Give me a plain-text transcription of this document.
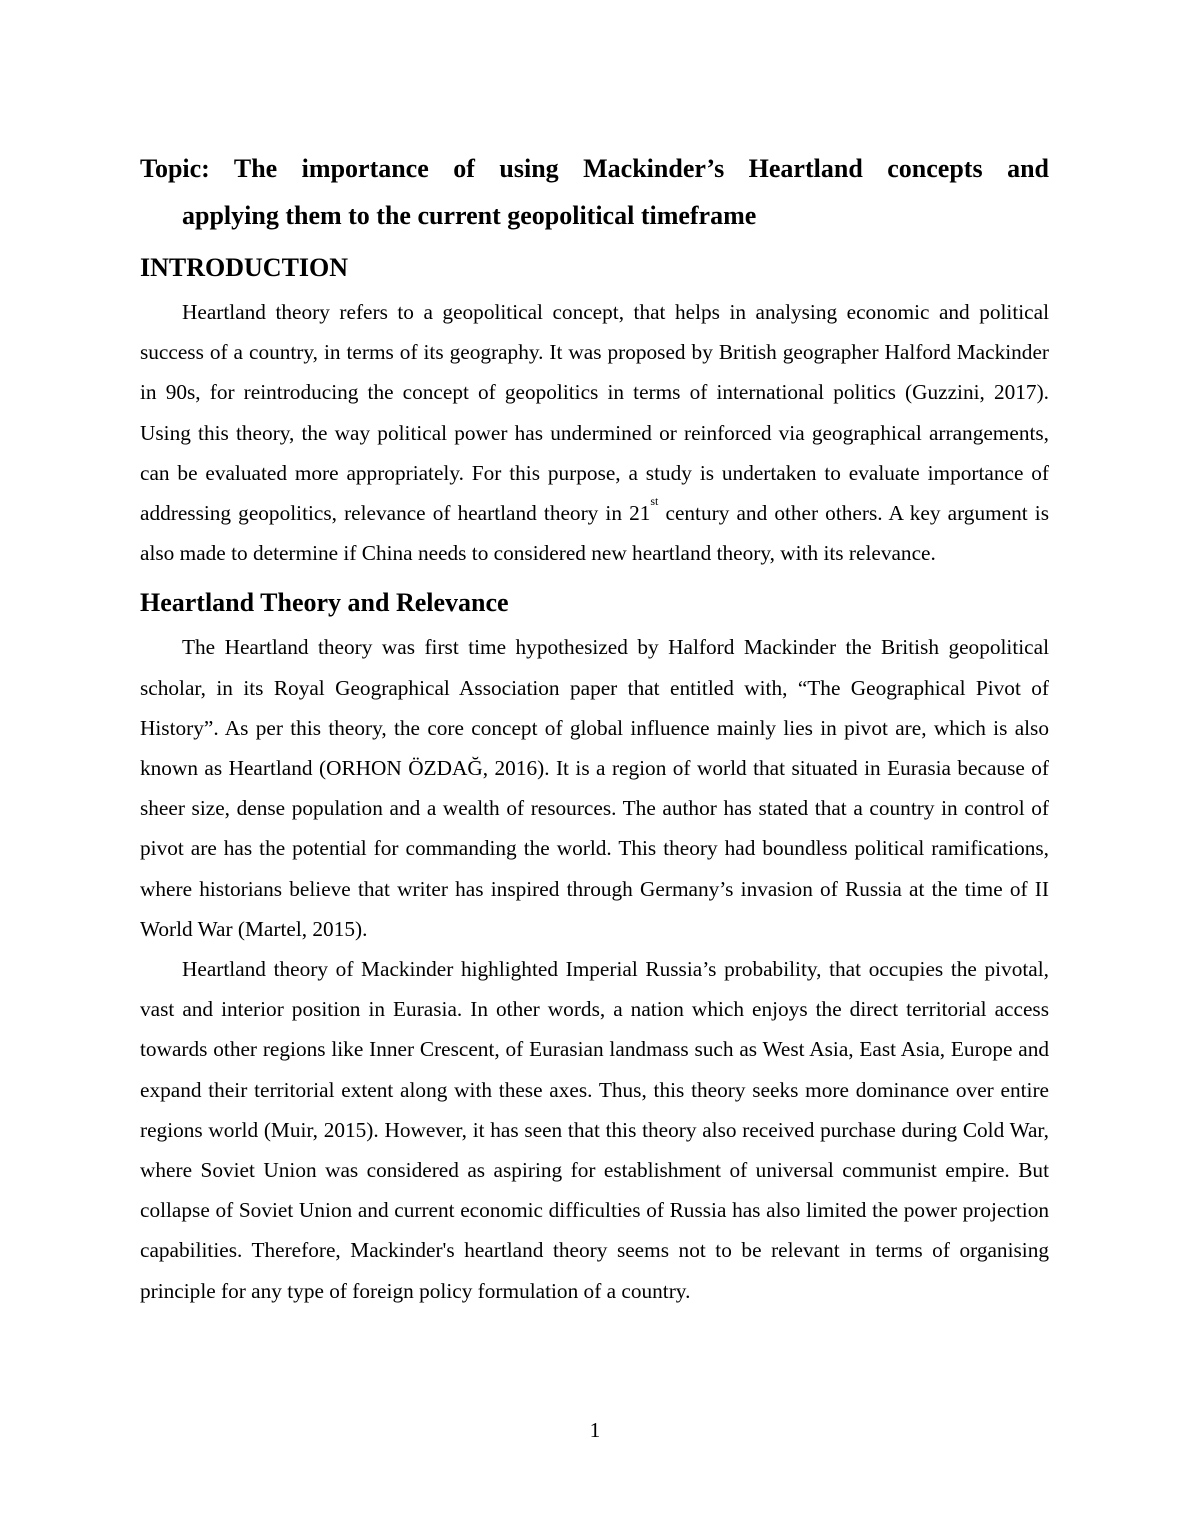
Topic: The importance of using Mackinder’s Heartland concepts and
applying them to the current geopolitical timeframe
INTRODUCTION

Heartland theory refers to a geopolitical concept, that helps in analysing economic and political success of a country, in terms of its geography. It was proposed by British geographer Halford Mackinder in 90s, for reintroducing the concept of geopolitics in terms of international politics (Guzzini, 2017). Using this theory, the way political power has undermined or reinforced via geographical arrangements, can be evaluated more appropriately. For this purpose, a study is undertaken to evaluate importance of addressing geopolitics, relevance of heartland theory in 21st century and other others. A key argument is also made to determine if China needs to considered new heartland theory, with its relevance.

Heartland Theory and Relevance

The Heartland theory was first time hypothesized by Halford Mackinder the British geopolitical scholar, in its Royal Geographical Association paper that entitled with, “The Geographical Pivot of History”. As per this theory, the core concept of global influence mainly lies in pivot are, which is also known as Heartland (ORHON ÖZDAĞ, 2016). It is a region of world that situated in Eurasia because of sheer size, dense population and a wealth of resources. The author has stated that a country in control of pivot are has the potential for commanding the world. This theory had boundless political ramifications, where historians believe that writer has inspired through Germany’s invasion of Russia at the time of II World War (Martel, 2015).

Heartland theory of Mackinder highlighted Imperial Russia’s probability, that occupies the pivotal, vast and interior position in Eurasia. In other words, a nation which enjoys the direct territorial access towards other regions like Inner Crescent, of Eurasian landmass such as West Asia, East Asia, Europe and expand their territorial extent along with these axes. Thus, this theory seeks more dominance over entire regions world (Muir, 2015). However, it has seen that this theory also received purchase during Cold War, where Soviet Union was considered as aspiring for establishment of universal communist empire. But collapse of Soviet Union and current economic difficulties of Russia has also limited the power projection capabilities. Therefore, Mackinder's heartland theory seems not to be relevant in terms of organising principle for any type of foreign policy formulation of a country.

1
